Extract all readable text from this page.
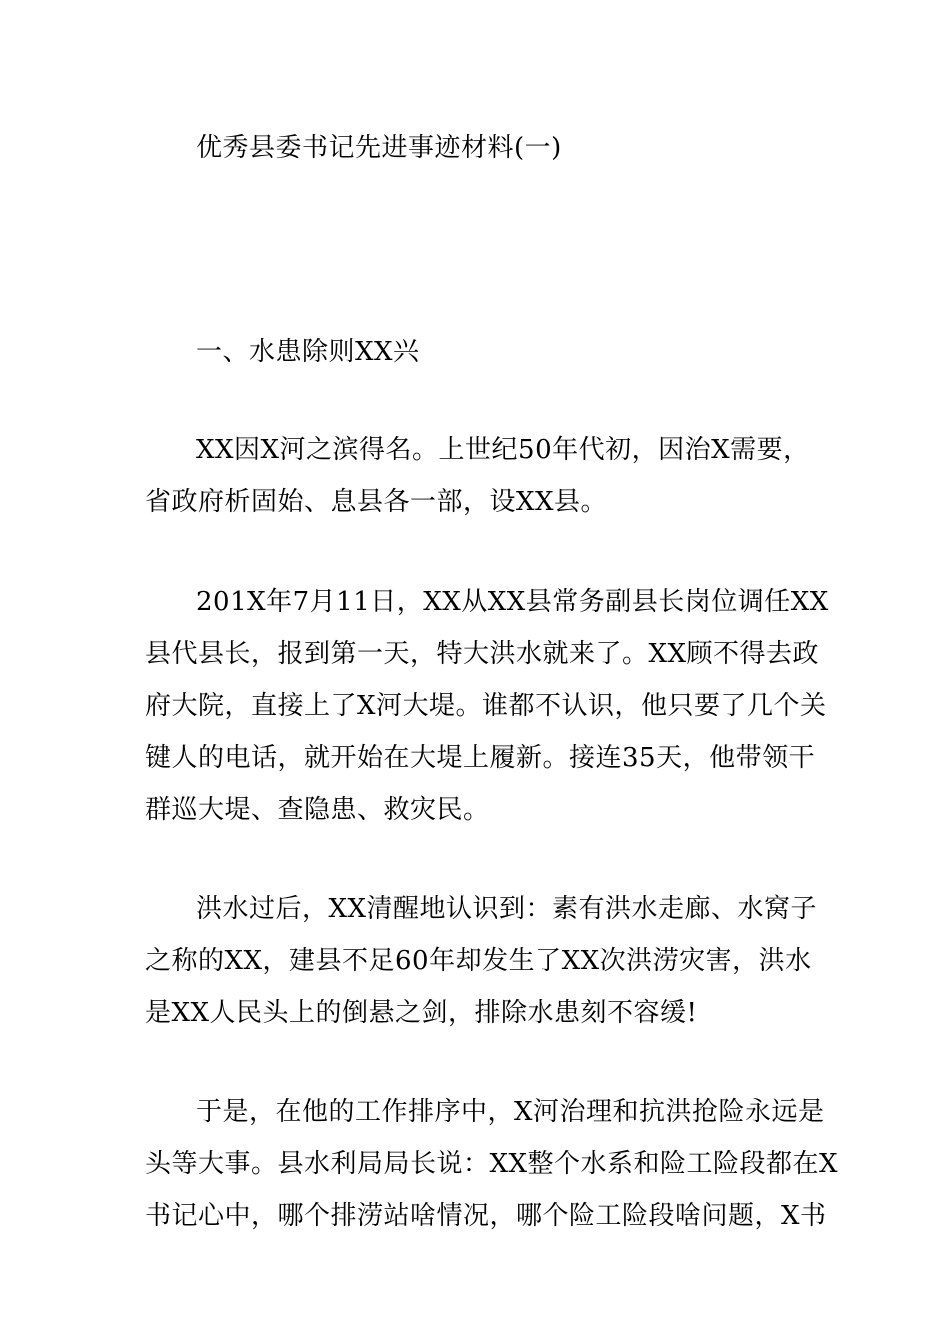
优秀县委书记先进事迹材料(一)
一、水患除则XX兴
XX因X河之滨得名。上世纪50年代初，因治X需要，
省政府析固始、息县各一部，设XX县。
201X年7月11日，XX从XX县常务副县长岗位调任XX
县代县长，报到第一天，特大洪水就来了。XX顾不得去政
府大院，直接上了X河大堤。谁都不认识，他只要了几个关
键人的电话，就开始在大堤上履新。接连35天，他带领干
群巡大堤、查隐患、救灾民。
洪水过后，XX清醒地认识到：素有洪水走廊、水窝子
之称的XX，建县不足60年却发生了XX次洪涝灾害，洪水
是XX人民头上的倒悬之剑，排除水患刻不容缓!
于是，在他的工作排序中，X河治理和抗洪抢险永远是
头等大事。县水利局局长说：XX整个水系和险工险段都在X
书记心中，哪个排涝站啥情况，哪个险工险段啥问题，X书
